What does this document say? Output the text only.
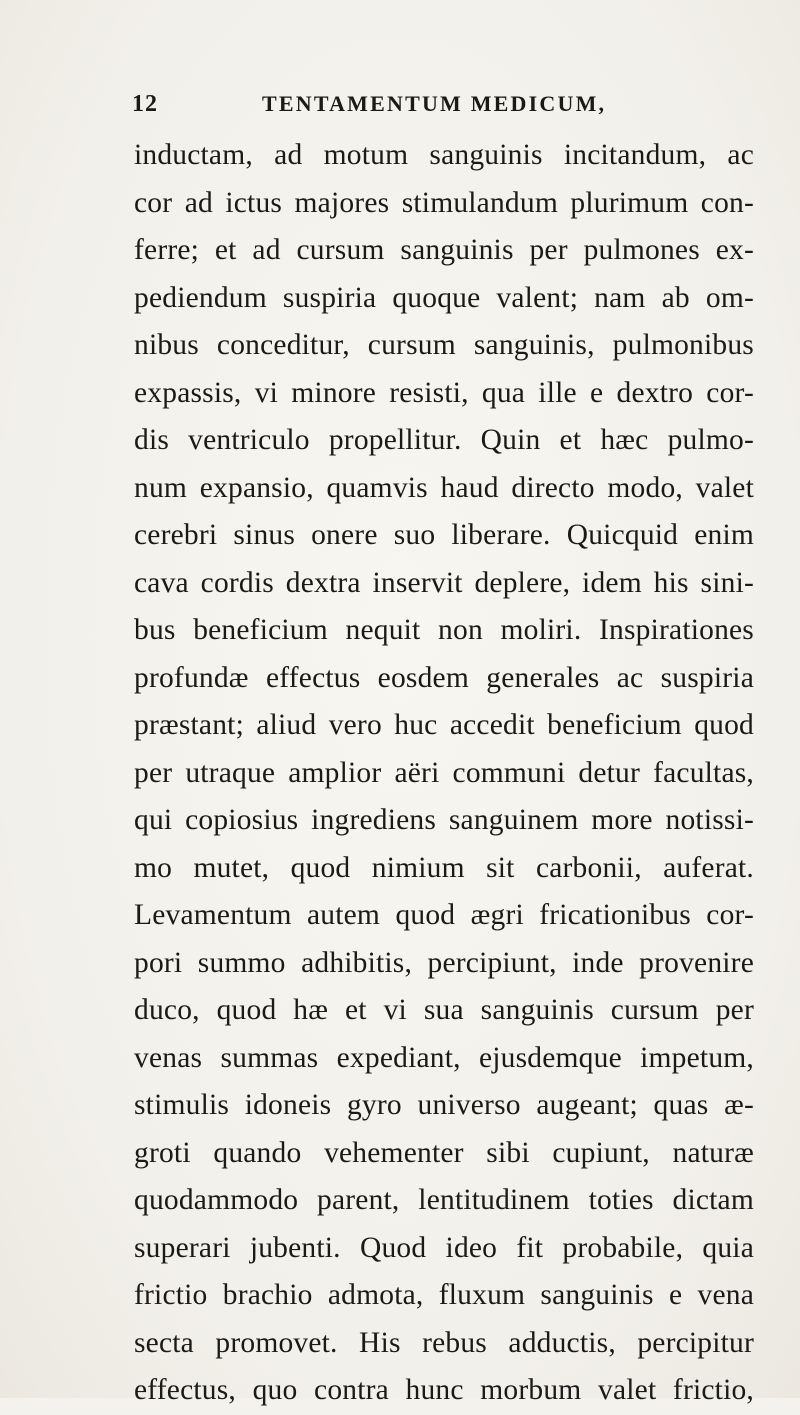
12	TENTAMENTUM MEDICUM,
inductam, ad motum sanguinis incitandum, ac
cor ad ictus majores stimulandum plurimum con-
ferre; et ad cursum sanguinis per pulmones ex-
pediendum suspiria quoque valent; nam ab om-
nibus conceditur, cursum sanguinis, pulmonibus
expassis, vi minore resisti, qua ille e dextro cor-
dis ventriculo propellitur. Quin et hæc pulmo-
num expansio, quamvis haud directo modo, valet
cerebri sinus onere suo liberare. Quicquid enim
cava cordis dextra inservit deplere, idem his sini-
bus beneficium nequit non moliri. Inspirationes
profundæ effectus eosdem generales ac suspiria
præstant; aliud vero huc accedit beneficium quod
per utraque amplior aëri communi detur facultas,
qui copiosius ingrediens sanguinem more notissi-
mo mutet, quod nimium sit carbonii, auferat.
Levamentum autem quod ægri fricationibus cor-
pori summo adhibitis, percipiunt, inde provenire
duco, quod hæ et vi sua sanguinis cursum per
venas summas expediant, ejusdemque impetum,
stimulis idoneis gyro universo augeant; quas æ-
groti quando vehementer sibi cupiunt, naturæ
quodammodo parent, lentitudinem toties dictam
superari jubenti. Quod ideo fit probabile, quia
frictio brachio admota, fluxum sanguinis e vena
secta promovet. His rebus adductis, percipitur
effectus, quo contra hunc morbum valet frictio,
